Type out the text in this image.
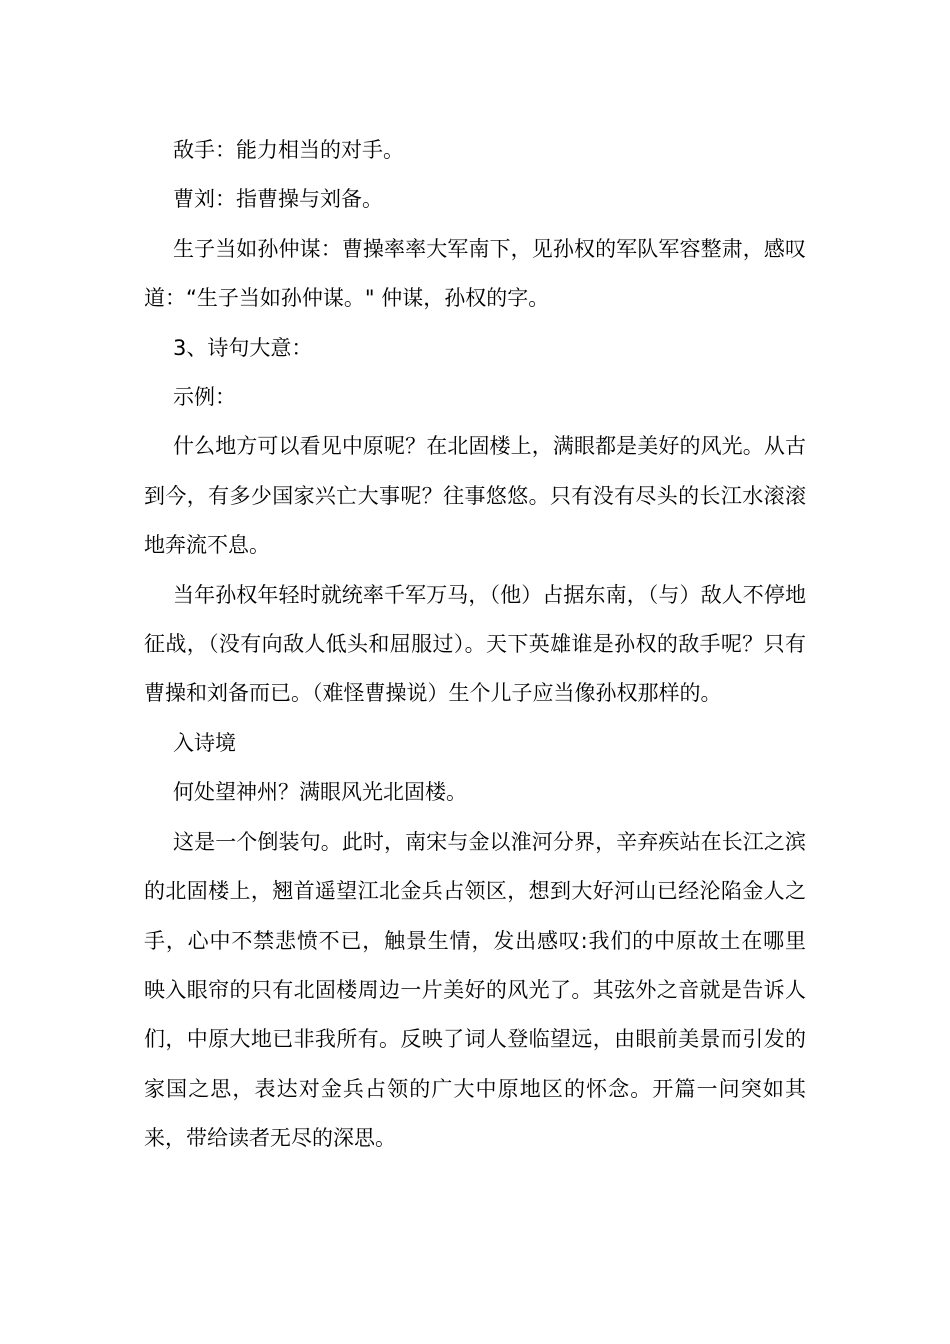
敌手：能力相当的对手。

曹刘：指曹操与刘备。

生子当如孙仲谋：曹操率率大军南下，见孙权的军队军容整肃，感叹道：“生子当如孙仲谋。" 仲谋，孙权的字。

3、诗句大意：

示例：

什么地方可以看见中原呢？在北固楼上，满眼都是美好的风光。从古到今，有多少国家兴亡大事呢？往事悠悠。只有没有尽头的长江水滚滚地奔流不息。

当年孙权年轻时就统率千军万马，（他）占据东南，（与）敌人不停地征战，（没有向敌人低头和屈服过）。天下英雄谁是孙权的敌手呢？只有曹操和刘备而已。（难怪曹操说）生个儿子应当像孙权那样的。

入诗境

何处望神州？满眼风光北固楼。

这是一个倒装句。此时，南宋与金以淮河分界，辛弃疾站在长江之滨的北固楼上，翘首遥望江北金兵占领区，想到大好河山已经沦陷金人之手，心中不禁悲愤不已，触景生情，发出感叹:我们的中原故土在哪里 映入眼帘的只有北固楼周边一片美好的风光了。其弦外之音就是告诉人们，中原大地已非我所有。反映了词人登临望远，由眼前美景而引发的家国之思，表达对金兵占领的广大中原地区的怀念。开篇一问突如其来，带给读者无尽的深思。
